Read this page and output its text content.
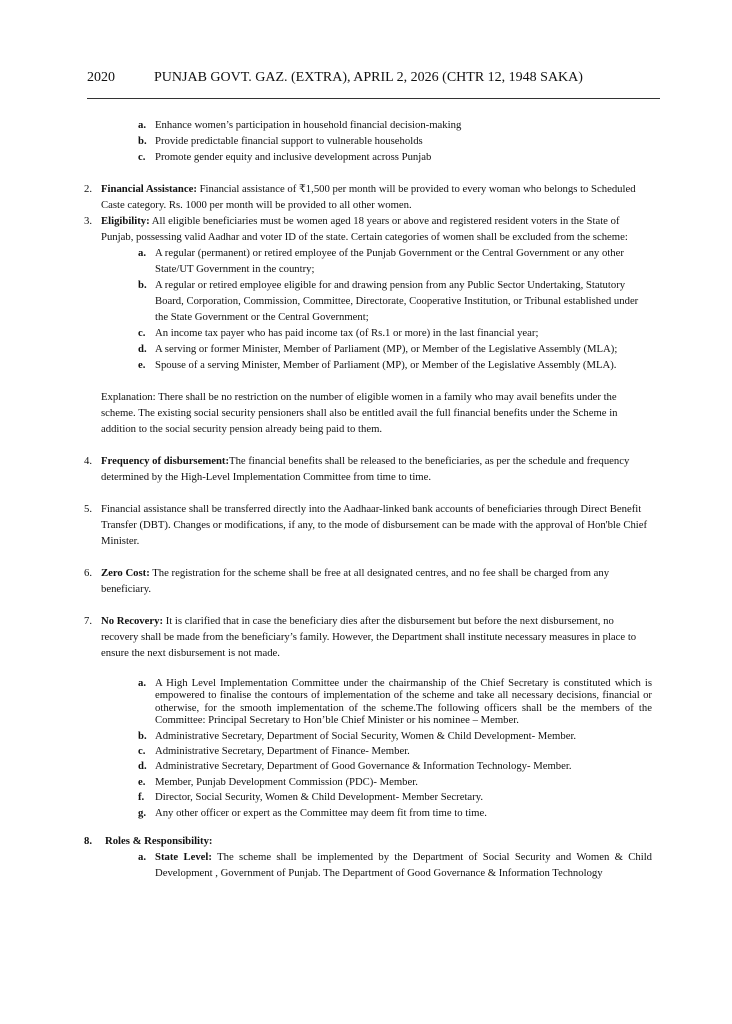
2020	PUNJAB GOVT. GAZ. (EXTRA), APRIL 2, 2026 (CHTR 12, 1948 SAKA)
a. Enhance women’s participation in household financial decision-making
b. Provide predictable financial support to vulnerable households
c. Promote gender equity and inclusive development across Punjab
2. Financial Assistance: Financial assistance of ₹1,500 per month will be provided to every woman who belongs to Scheduled Caste category. Rs. 1000 per month will be provided to all other women.
3. Eligibility: All eligible beneficiaries must be women aged 18 years or above and registered resident voters in the State of Punjab, possessing valid Aadhar and voter ID of the state. Certain categories of women shall be excluded from the scheme:
a. A regular (permanent) or retired employee of the Punjab Government or the Central Government or any other State/UT Government in the country;
b. A regular or retired employee eligible for and drawing pension from any Public Sector Undertaking, Statutory Board, Corporation, Commission, Committee, Directorate, Cooperative Institution, or Tribunal established under the State Government or the Central Government;
c. An income tax payer who has paid income tax (of Rs.1 or more) in the last financial year;
d. A serving or former Minister, Member of Parliament (MP), or Member of the Legislative Assembly (MLA);
e. Spouse of a serving Minister, Member of Parliament (MP), or Member of the Legislative Assembly (MLA).
Explanation: There shall be no restriction on the number of eligible women in a family who may avail benefits under the scheme. The existing social security pensioners shall also be entitled avail the full financial benefits under the Scheme in addition to the social security pension already being paid to them.
4. Frequency of disbursement:The financial benefits shall be released to the beneficiaries, as per the schedule and frequency determined by the High-Level Implementation Committee from time to time.
5. Financial assistance shall be transferred directly into the Aadhaar-linked bank accounts of beneficiaries through Direct Benefit Transfer (DBT). Changes or modifications, if any, to the mode of disbursement can be made with the approval of Hon'ble Chief Minister.
6. Zero Cost: The registration for the scheme shall be free at all designated centres, and no fee shall be charged from any beneficiary.
7. No Recovery: It is clarified that in case the beneficiary dies after the disbursement but before the next disbursement, no recovery shall be made from the beneficiary’s family. However, the Department shall institute necessary measures in place to ensure the next disbursement is not made.
a. A High Level Implementation Committee under the chairmanship of the Chief Secretary is constituted which is empowered to finalise the contours of implementation of the scheme and take all necessary decisions, financial or otherwise, for the smooth implementation of the scheme.The following officers shall be the members of the Committee: Principal Secretary to Hon’ble Chief Minister or his nominee – Member.
b. Administrative Secretary, Department of Social Security, Women & Child Development- Member.
c. Administrative Secretary, Department of Finance- Member.
d. Administrative Secretary, Department of Good Governance & Information Technology- Member.
e. Member, Punjab Development Commission (PDC)- Member.
f. Director, Social Security, Women & Child Development- Member Secretary.
g. Any other officer or expert as the Committee may deem fit from time to time.
8. Roles & Responsibility:
a. State Level: The scheme shall be implemented by the Department of Social Security and Women & Child Development , Government of Punjab. The Department of Good Governance & Information Technology
